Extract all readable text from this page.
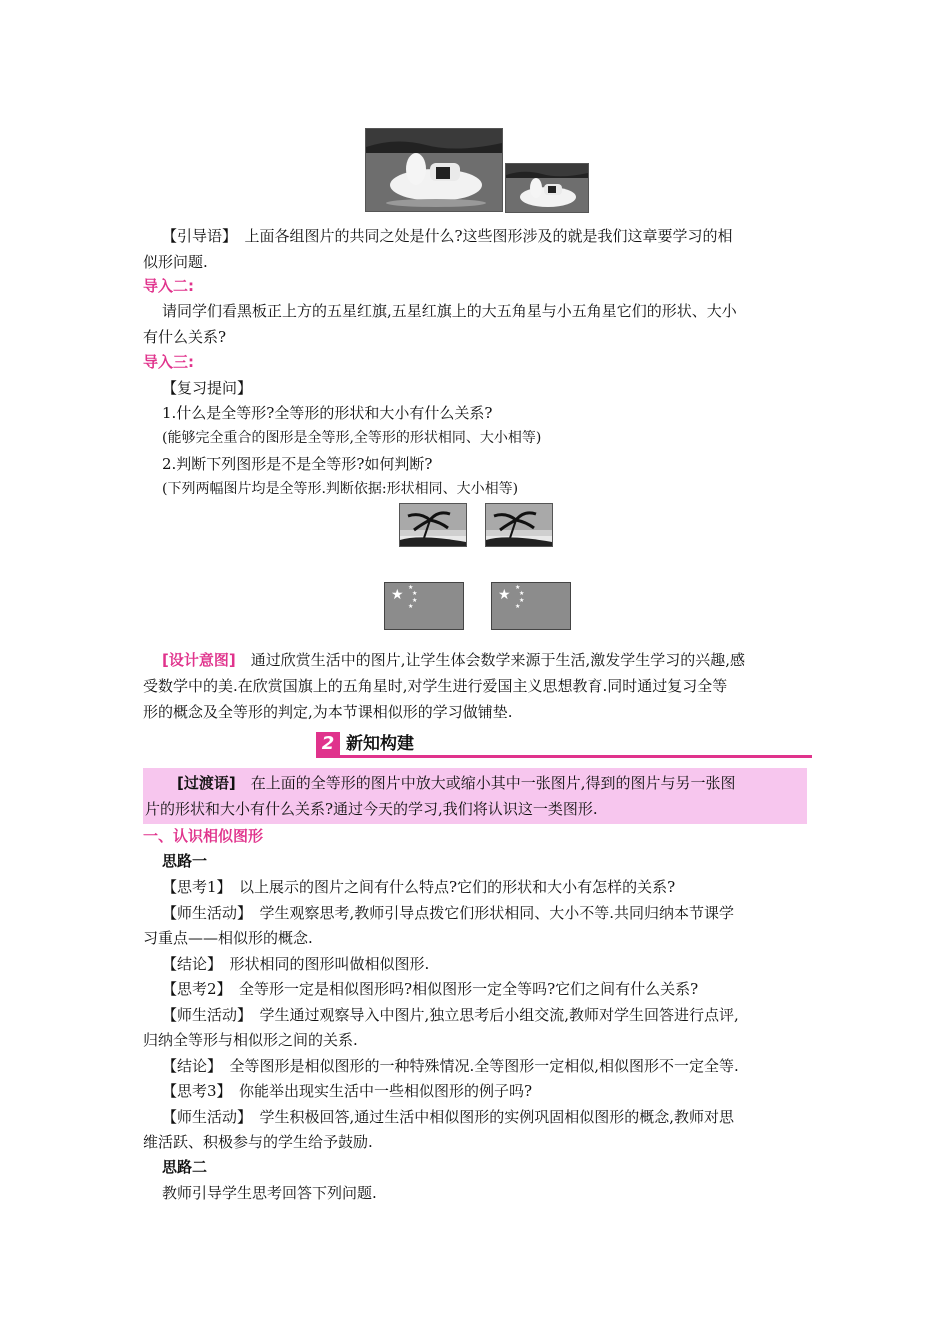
【引导语】　上面各组图片的共同之处是什么?这些图形涉及的就是我们这章要学习的相
似形问题.
导入二:
请同学们看黑板正上方的五星红旗,五星红旗上的大五角星与小五角星它们的形状、大小
有什么关系?
导入三:
【复习提问】
1.什么是全等形?全等形的形状和大小有什么关系?
(能够完全重合的图形是全等形,全等形的形状相同、大小相等)
2.判断下列图形是不是全等形?如何判断?
(下列两幅图片均是全等形.判断依据:形状相同、大小相等)
★ ★
★
★
★
★ ★
★
★
★
[设计意图]　通过欣赏生活中的图片,让学生体会数学来源于生活,激发学生学习的兴趣,感
受数学中的美.在欣赏国旗上的五角星时,对学生进行爱国主义思想教育.同时通过复习全等
形的概念及全等形的判定,为本节课相似形的学习做铺垫.
2 新知构建
[过渡语]　在上面的全等形的图片中放大或缩小其中一张图片,得到的图片与另一张图
片的形状和大小有什么关系?通过今天的学习,我们将认识这一类图形.
一、认识相似图形
思路一
【思考1】　以上展示的图片之间有什么特点?它们的形状和大小有怎样的关系?
【师生活动】　学生观察思考,教师引导点拨它们形状相同、大小不等.共同归纳本节课学
习重点——相似形的概念.
【结论】　形状相同的图形叫做相似图形.
【思考2】　全等形一定是相似图形吗?相似图形一定全等吗?它们之间有什么关系?
【师生活动】　学生通过观察导入中图片,独立思考后小组交流,教师对学生回答进行点评,
归纳全等形与相似形之间的关系.
【结论】　全等图形是相似图形的一种特殊情况.全等图形一定相似,相似图形不一定全等.
【思考3】　你能举出现实生活中一些相似图形的例子吗?
【师生活动】　学生积极回答,通过生活中相似图形的实例巩固相似图形的概念,教师对思
维活跃、积极参与的学生给予鼓励.
思路二
教师引导学生思考回答下列问题.
